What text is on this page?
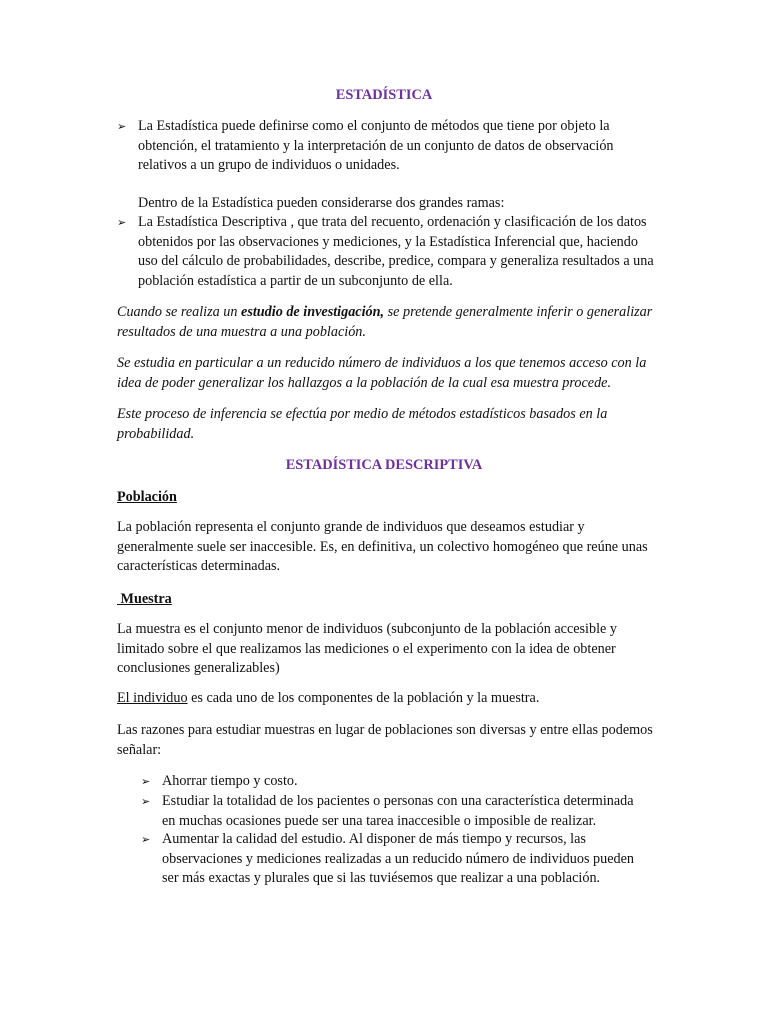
ESTADÍSTICA
➢ La Estadística puede definirse como el conjunto de métodos que tiene por objeto la obtención, el tratamiento y la interpretación de un conjunto de datos de observación relativos a un grupo de individuos o unidades.
Dentro de la Estadística pueden considerarse dos grandes ramas:
➢ La Estadística Descriptiva , que trata del recuento, ordenación y clasificación de los datos obtenidos por las observaciones y mediciones, y la Estadística Inferencial que, haciendo uso del cálculo de probabilidades, describe, predice, compara y generaliza resultados a una población estadística a partir de un subconjunto de ella.
Cuando se realiza un estudio de investigación, se pretende generalmente inferir o generalizar resultados de una muestra a una población.
Se estudia en particular a un reducido número de individuos a los que tenemos acceso con la idea de poder generalizar los hallazgos a la población de la cual esa muestra procede.
Este proceso de inferencia se efectúa por medio de métodos estadísticos basados en la probabilidad.
ESTADÍSTICA DESCRIPTIVA
Población
La población representa el conjunto grande de individuos que deseamos estudiar y generalmente suele ser inaccesible. Es, en definitiva, un colectivo homogéneo que reúne unas características determinadas.
Muestra
La muestra es el conjunto menor de individuos (subconjunto de la población accesible y limitado sobre el que realizamos las mediciones o el experimento con la idea de obtener conclusiones generalizables)
El individuo es cada uno de los componentes de la población y la muestra.
Las razones para estudiar muestras en lugar de poblaciones son diversas y entre ellas podemos señalar:
➢ Ahorrar tiempo y costo.
➢ Estudiar la totalidad de los pacientes o personas con una característica determinada en muchas ocasiones puede ser una tarea inaccesible o imposible de realizar.
➢ Aumentar la calidad del estudio. Al disponer de más tiempo y recursos, las observaciones y mediciones realizadas a un reducido número de individuos pueden ser más exactas y plurales que si las tuviésemos que realizar a una población.
